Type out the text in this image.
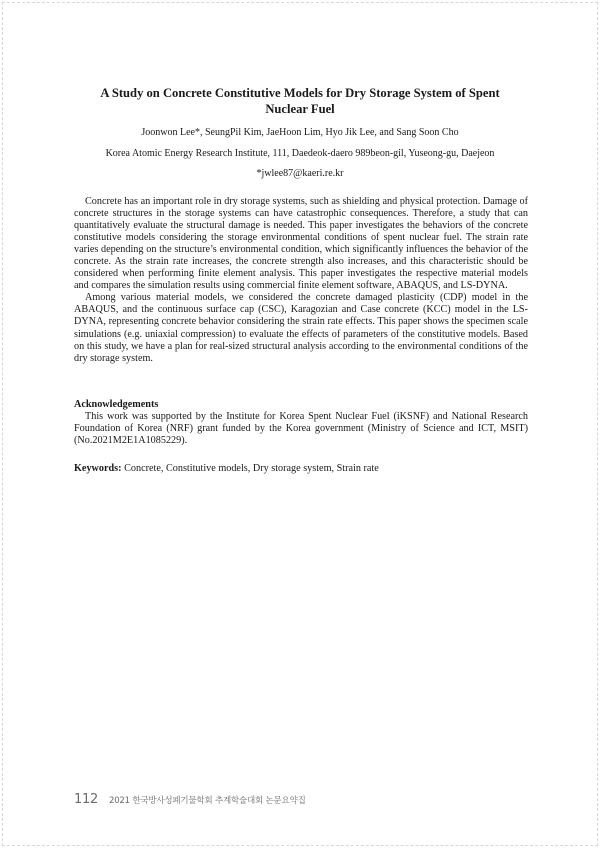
A Study on Concrete Constitutive Models for Dry Storage System of Spent Nuclear Fuel
Joonwon Lee*, SeungPil Kim, JaeHoon Lim, Hyo Jik Lee, and Sang Soon Cho
Korea Atomic Energy Research Institute, 111, Daedeok-daero 989beon-gil, Yuseong-gu, Daejeon
*jwlee87@kaeri.re.kr

Concrete has an important role in dry storage systems, such as shielding and physical protection. Damage of concrete structures in the storage systems can have catastrophic consequences. Therefore, a study that can quantitatively evaluate the structural damage is needed. This paper investigates the behaviors of the concrete constitutive models considering the storage environmental conditions of spent nuclear fuel. The strain rate varies depending on the structure’s environmental condition, which significantly influences the behavior of the concrete. As the strain rate increases, the concrete strength also increases, and this characteristic should be considered when performing finite element analysis. This paper investigates the respective material models and compares the simulation results using commercial finite element software, ABAQUS, and LS-DYNA.

Among various material models, we considered the concrete damaged plasticity (CDP) model in the ABAQUS, and the continuous surface cap (CSC), Karagozian and Case concrete (KCC) model in the LS-DYNA, representing concrete behavior considering the strain rate effects. This paper shows the specimen scale simulations (e.g. uniaxial compression) to evaluate the effects of parameters of the constitutive models. Based on this study, we have a plan for real-sized structural analysis according to the environmental conditions of the dry storage system.

Acknowledgements

This work was supported by the Institute for Korea Spent Nuclear Fuel (iKSNF) and National Research Foundation of Korea (NRF) grant funded by the Korea government (Ministry of Science and ICT, MSIT) (No.2021M2E1A1085229).

Keywords: Concrete, Constitutive models, Dry storage system, Strain rate
112 2021 한국방사성폐기물학회 추계학술대회 논문요약집
